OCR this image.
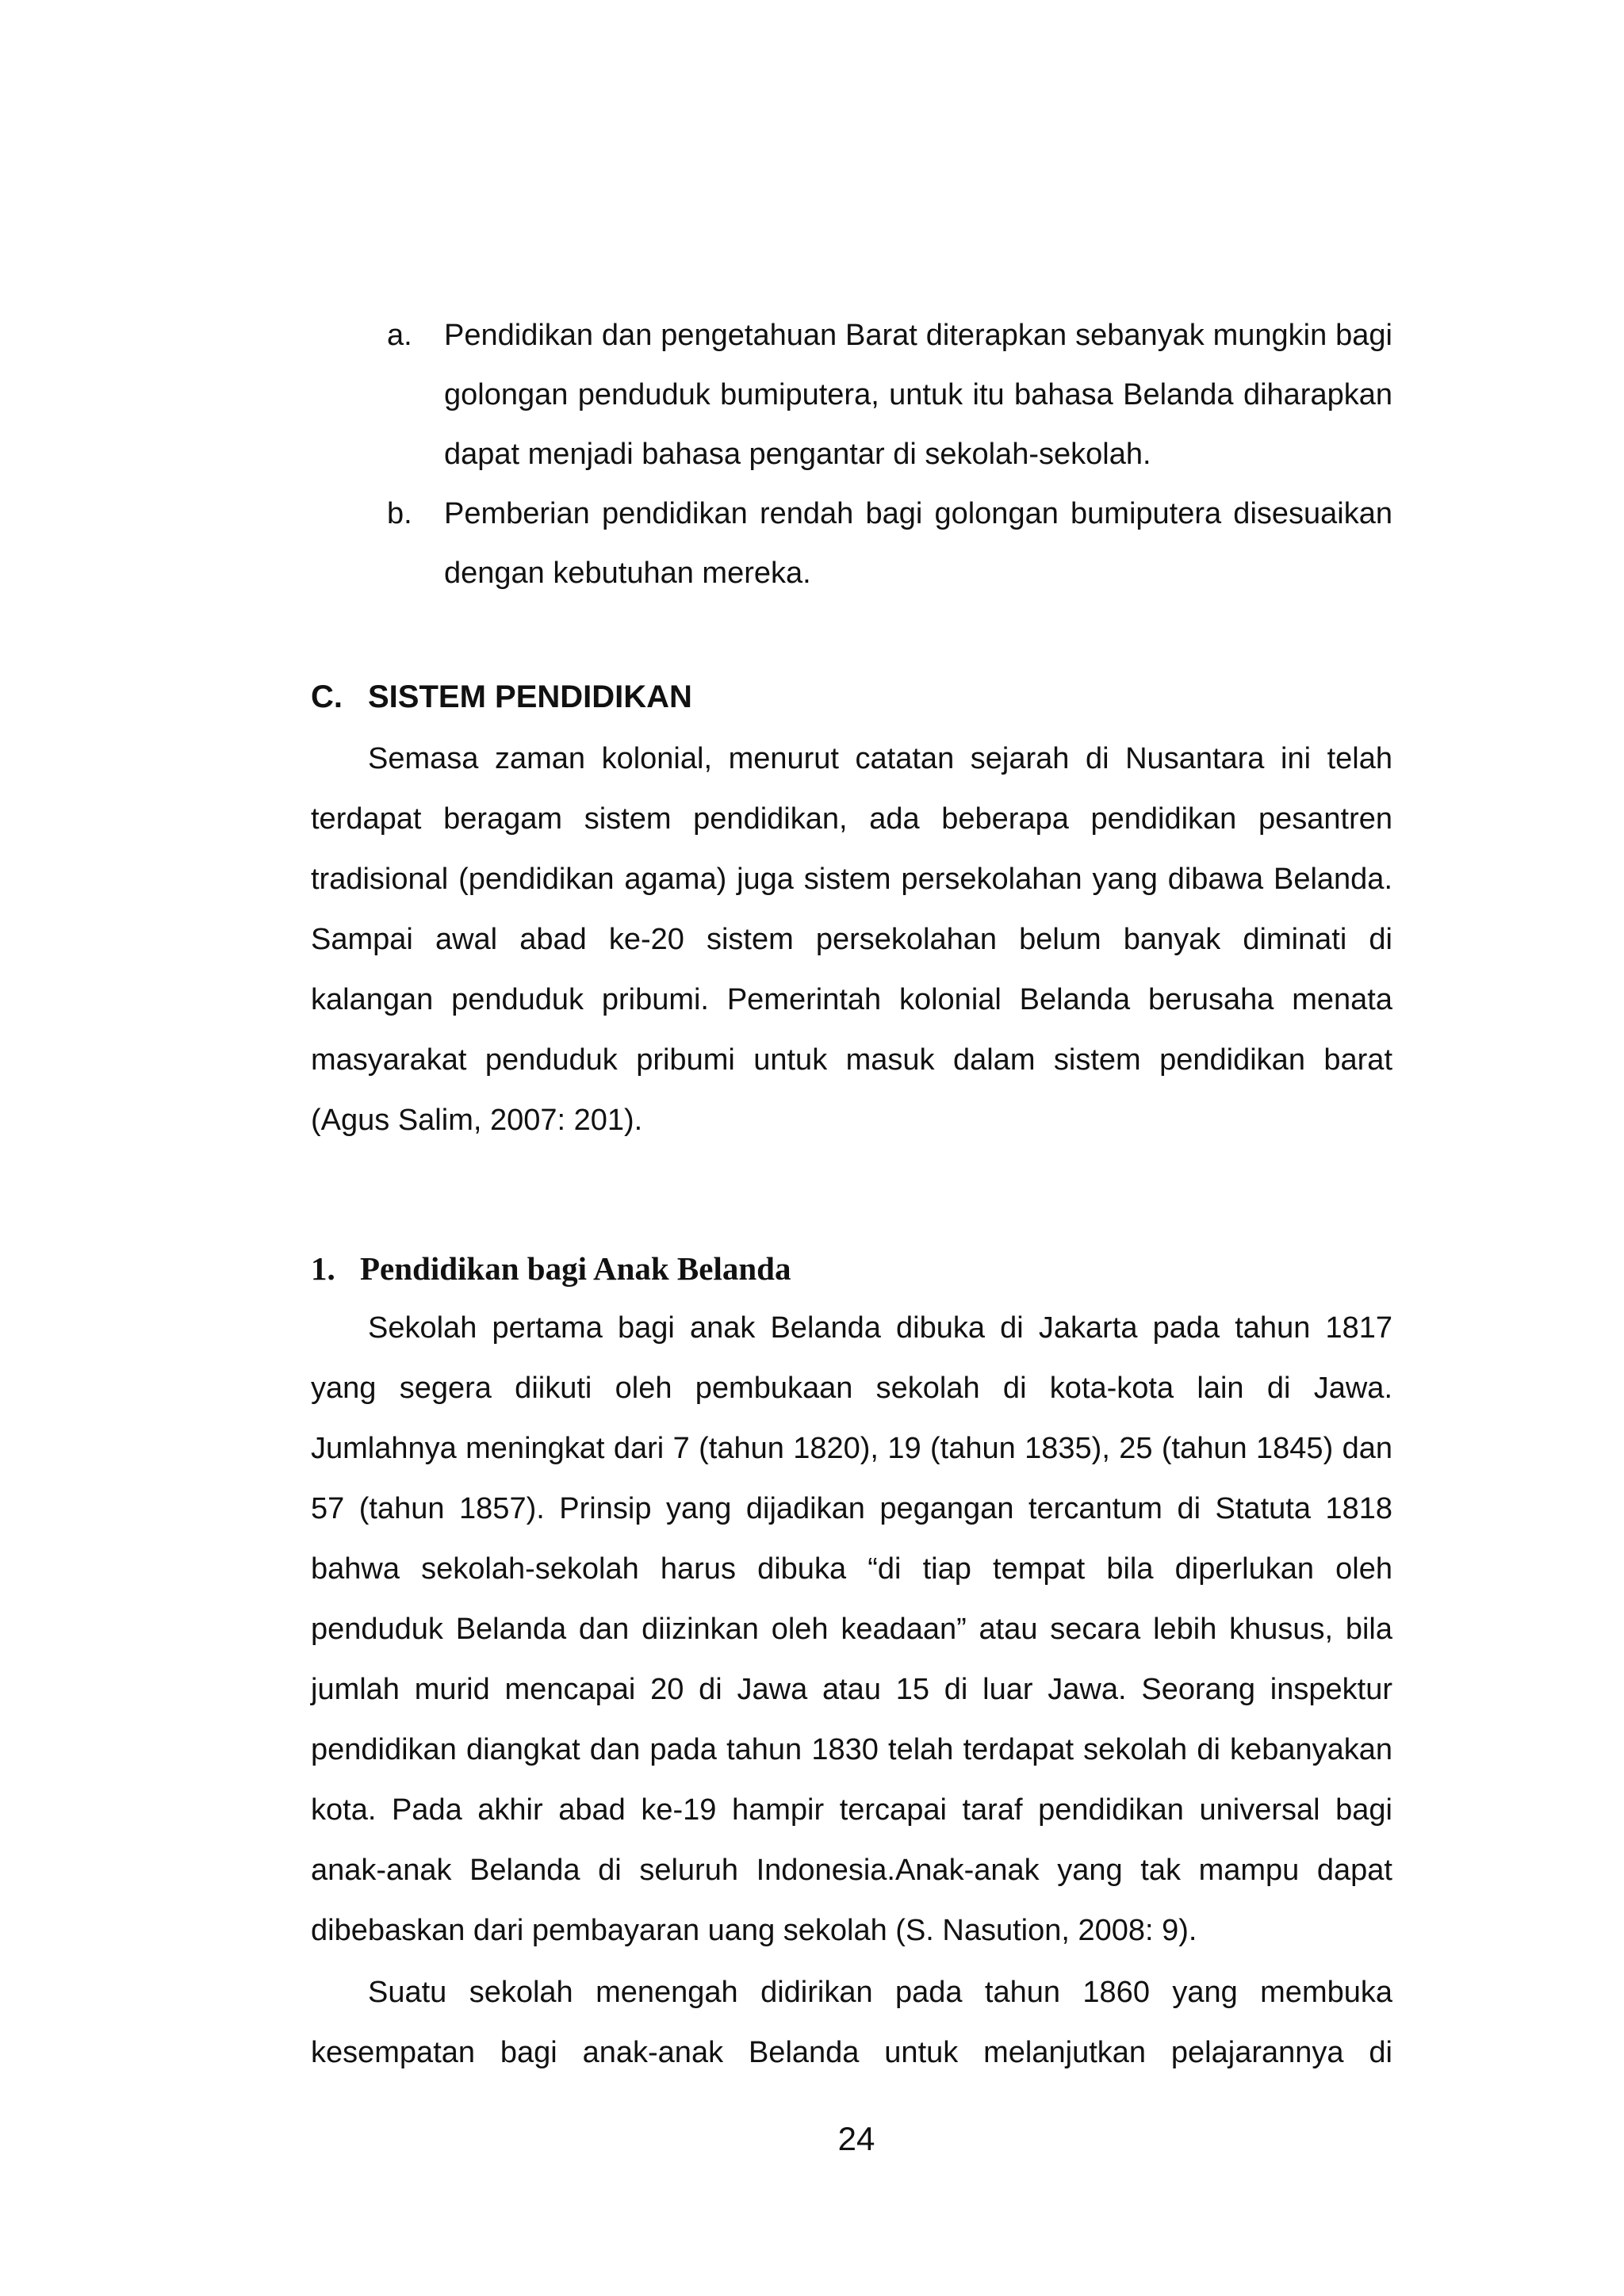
a. Pendidikan dan pengetahuan Barat diterapkan sebanyak mungkin bagi golongan penduduk bumiputera, untuk itu bahasa Belanda diharapkan dapat menjadi bahasa pengantar di sekolah-sekolah.

b. Pemberian pendidikan rendah bagi golongan bumiputera disesuaikan dengan kebutuhan mereka.

C. SISTEM PENDIDIKAN

Semasa zaman kolonial, menurut catatan sejarah di Nusantara ini telah terdapat beragam sistem pendidikan, ada beberapa pendidikan pesantren tradisional (pendidikan agama) juga sistem persekolahan yang dibawa Belanda. Sampai awal abad ke-20 sistem persekolahan belum banyak diminati di kalangan penduduk pribumi. Pemerintah kolonial Belanda berusaha menata masyarakat penduduk pribumi untuk masuk dalam sistem pendidikan barat (Agus Salim, 2007: 201).

1. Pendidikan bagi Anak Belanda

Sekolah pertama bagi anak Belanda dibuka di Jakarta pada tahun 1817 yang segera diikuti oleh pembukaan sekolah di kota-kota lain di Jawa. Jumlahnya meningkat dari 7 (tahun 1820), 19 (tahun 1835), 25 (tahun 1845) dan 57 (tahun 1857). Prinsip yang dijadikan pegangan tercantum di Statuta 1818 bahwa sekolah-sekolah harus dibuka “di tiap tempat bila diperlukan oleh penduduk Belanda dan diizinkan oleh keadaan” atau secara lebih khusus, bila jumlah murid mencapai 20 di Jawa atau 15 di luar Jawa. Seorang inspektur pendidikan diangkat dan pada tahun 1830 telah terdapat sekolah di kebanyakan kota. Pada akhir abad ke-19 hampir tercapai taraf pendidikan universal bagi anak-anak Belanda di seluruh Indonesia.Anak-anak yang tak mampu dapat dibebaskan dari pembayaran uang sekolah (S. Nasution, 2008: 9).

Suatu sekolah menengah didirikan pada tahun 1860 yang membuka kesempatan bagi anak-anak Belanda untuk melanjutkan pelajarannya di

24
